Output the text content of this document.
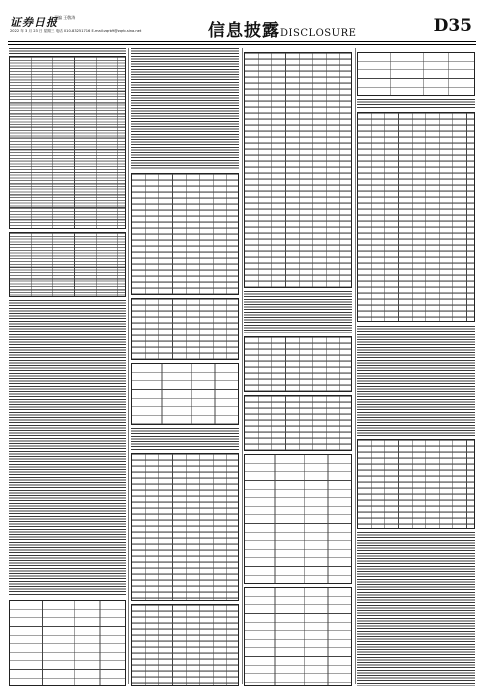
证券日报
责编 王敬涛
2022 年 3 月 23 日 星期三 电话 010-83251716 E-mail:zqrb9@zqrb.sina.net	信息披露DISCLOSURE	D35
